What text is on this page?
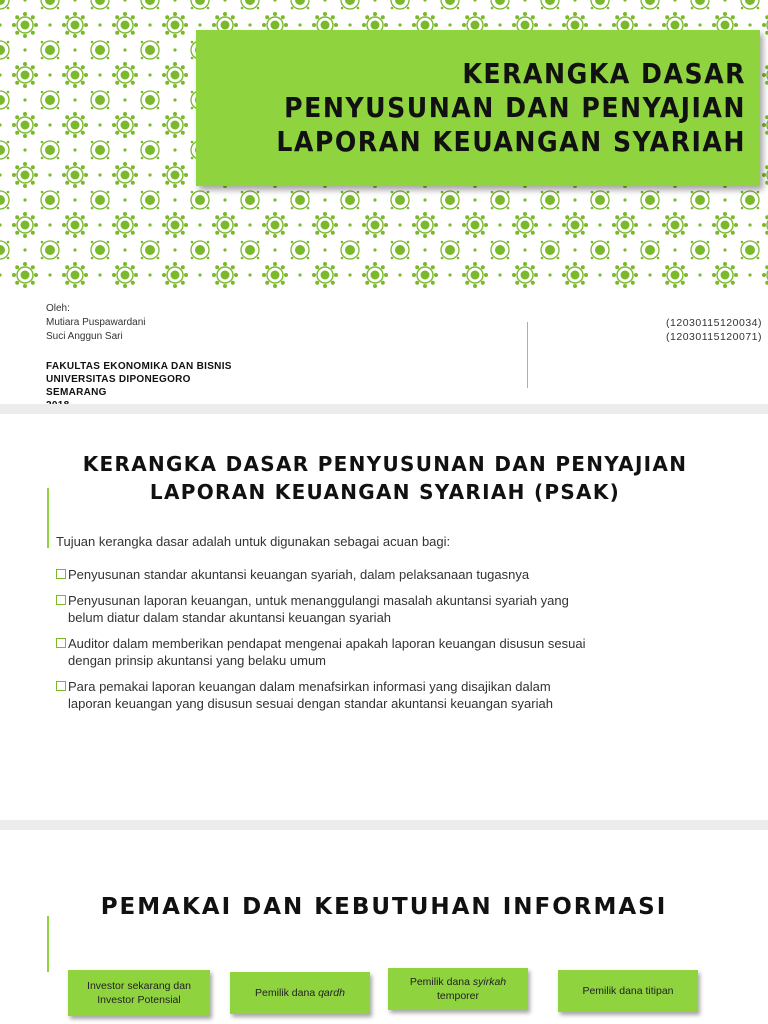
KERANGKA DASAR
PENYUSUNAN DAN PENYAJIAN
LAPORAN KEUANGAN SYARIAH
Oleh:
Mutiara Puspawardani
Suci Anggun Sari
(12030115120034)
(12030115120071)
FAKULTAS EKONOMIKA DAN BISNIS
UNIVERSITAS DIPONEGORO
SEMARANG
KERANGKA DASAR PENYUSUNAN DAN PENYAJIAN
LAPORAN KEUANGAN SYARIAH (PSAK)
Tujuan kerangka dasar adalah untuk digunakan sebagai acuan bagi:
Penyusunan standar akuntansi keuangan syariah, dalam pelaksanaan tugasnya
Penyusunan laporan keuangan, untuk menanggulangi masalah akuntansi syariah yang
belum diatur dalam standar akuntansi keuangan syariah
Auditor dalam memberikan pendapat mengenai apakah laporan keuangan disusun sesuai
dengan prinsip akuntansi yang belaku umum
Para pemakai laporan keuangan dalam menafsirkan informasi yang disajikan dalam
laporan keuangan yang disusun sesuai dengan standar akuntansi keuangan syariah
PEMAKAI DAN KEBUTUHAN INFORMASI
Investor sekarang dan
Investor Potensial
Pemilik dana qardh
Pemilik dana syirkah
temporer	Pemilik dana titipan
